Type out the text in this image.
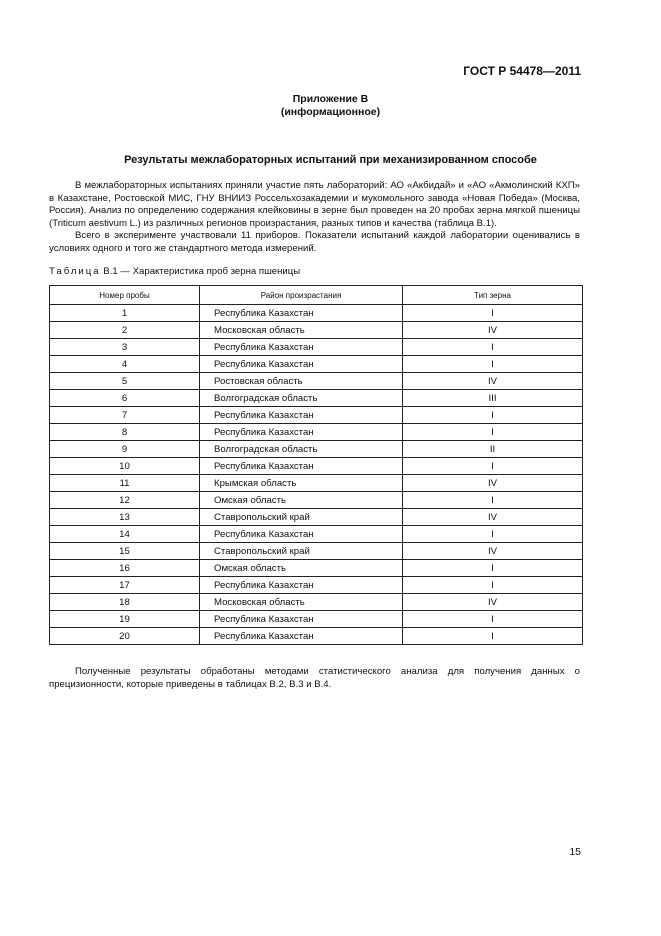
ГОСТ Р 54478—2011
Приложение В
(информационное)
Результаты межлабораторных испытаний при механизированном способе

В межлабораторных испытаниях приняли участие пять лабораторий: АО «Акбидай» и «АО «Акмолинский КХП» в Казахстане, Ростовской МИС, ГНУ ВНИИЗ Россельхозакадемии и мукомольного завода «Новая Победа» (Москва, Россия). Анализ по определению содержания клейковины в зерне был проведен на 20 пробах зерна мягкой пшеницы (Triticum aestivum L.) из различных регионов произрастания, разных типов и качества (таблица В.1).

Всего в эксперименте участвовали 11 приборов. Показатели испытаний каждой лаборатории оценивались в условиях одного и того же стандартного метода измерений.

Таблица В.1 — Характеристика проб зерна пшеницы
Номер пробы	Район произрастания	Тип зерна
1	Республика Казахстан	I
2	Московская область	IV
3	Республика Казахстан	I
4	Республика Казахстан	I
5	Ростовская область	IV
6	Волгоградская область	III
7	Республика Казахстан	I
8	Республика Казахстан	I
9	Волгоградская область	II
10	Республика Казахстан	I
11	Крымская область	IV
12	Омская область	I
13	Ставропольский край	IV
14	Республика Казахстан	I
15	Ставропольский край	IV
16	Омская область	I
17	Республика Казахстан	I
18	Московская область	IV
19	Республика Казахстан	I
20	Республика Казахстан	I

Полученные результаты обработаны методами статистического анализа для получения данных о прецизионности, которые приведены в таблицах В.2, В.3 и В.4.

15
